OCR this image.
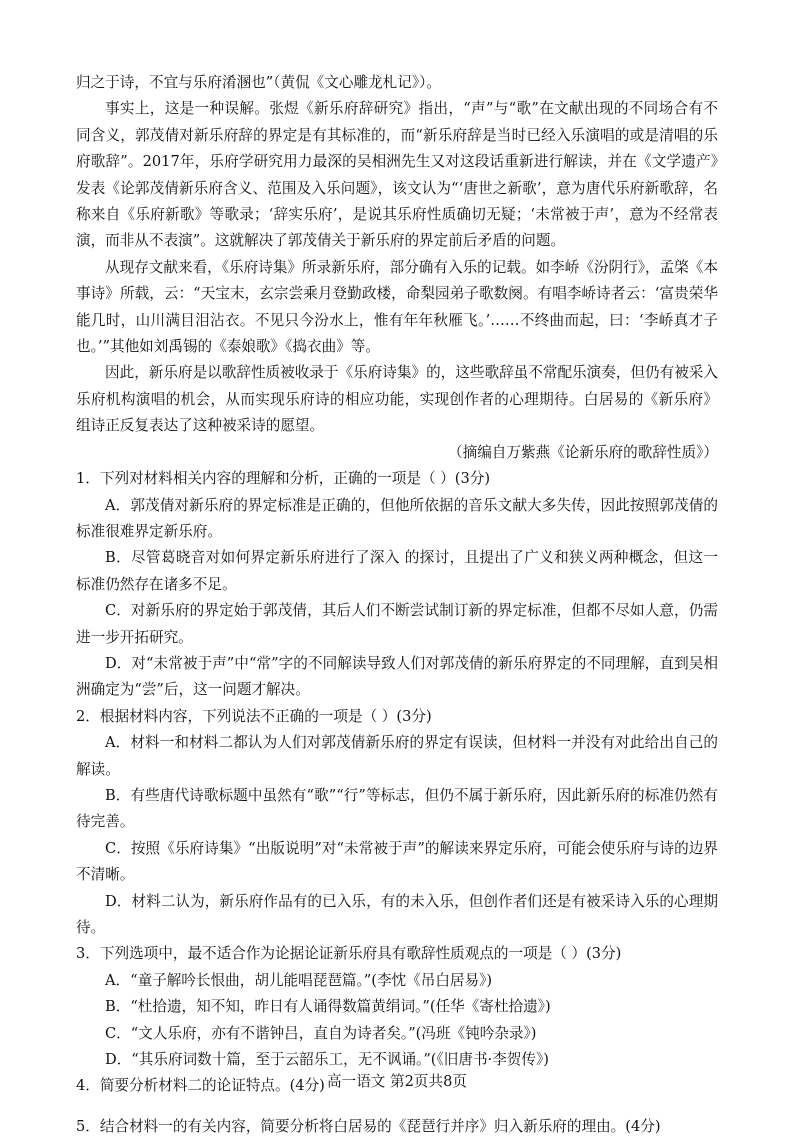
归之于诗，不宜与乐府淆溷也”（黄侃《文心雕龙札记》）。

事实上，这是一种误解。张煜《新乐府辞研究》指出，“声”与“歌”在文献出现的不同场合有不同含义，郭茂倩对新乐府辞的界定是有其标准的，而“新乐府辞是当时已经入乐演唱的或是清唱的乐府歌辞”。2017年，乐府学研究用力最深的吴相洲先生又对这段话重新进行解读，并在《文学遗产》发表《论郭茂倩新乐府含义、范围及入乐问题》，该文认为“‘唐世之新歌’，意为唐代乐府新歌辞，名称来自《乐府新歌》等歌录；‘辞实乐府’，是说其乐府性质确切无疑；‘未常被于声’，意为不经常表演，而非从不表演”。这就解决了郭茂倩关于新乐府的界定前后矛盾的问题。

从现存文献来看，《乐府诗集》所录新乐府，部分确有入乐的记载。如李峤《汾阴行》，孟棨《本事诗》所载，云：“天宝末，玄宗尝乘月登勤政楼，命梨园弟子歌数阕。有唱李峤诗者云：‘富贵荣华能几时，山川满目泪沾衣。不见只今汾水上，惟有年年秋雁飞。’……不终曲而起，曰：‘李峤真才子也。’”其他如刘禹锡的《泰娘歌》《捣衣曲》等。

因此，新乐府是以歌辞性质被收录于《乐府诗集》的，这些歌辞虽不常配乐演奏，但仍有被采入乐府机构演唱的机会，从而实现乐府诗的相应功能，实现创作者的心理期待。白居易的《新乐府》组诗正反复表达了这种被采诗的愿望。

（摘编自万紫燕《论新乐府的歌辞性质》）

1．下列对材料相关内容的理解和分析，正确的一项是（ ）(3分)

A．郭茂倩对新乐府的界定标准是正确的，但他所依据的音乐文献大多失传，因此按照郭茂倩的标准很难界定新乐府。

B．尽管葛晓音对如何界定新乐府进行了深入 的探讨，且提出了广义和狭义两种概念，但这一标准仍然存在诸多不足。

C．对新乐府的界定始于郭茂倩，其后人们不断尝试制订新的界定标准，但都不尽如人意，仍需进一步开拓研究。

D．对“未常被于声”中“常”字的不同解读导致人们对郭茂倩的新乐府界定的不同理解，直到吴相洲确定为“尝”后，这一问题才解决。

2．根据材料内容，下列说法不正确的一项是（ ）(3分)

A．材料一和材料二都认为人们对郭茂倩新乐府的界定有误读，但材料一并没有对此给出自己的解读。

B．有些唐代诗歌标题中虽然有“歌”“行”等标志，但仍不属于新乐府，因此新乐府的标准仍然有待完善。

C．按照《乐府诗集》“出版说明”对“未常被于声”的解读来界定乐府，可能会使乐府与诗的边界不清晰。

D．材料二认为，新乐府作品有的已入乐，有的未入乐，但创作者们还是有被采诗入乐的心理期待。

3．下列选项中，最不适合作为论据论证新乐府具有歌辞性质观点的一项是（ ）(3分)

A．“童子解吟长恨曲，胡儿能唱琵琶篇。”(李忱《吊白居易》)

B．“杜拾遗，知不知，昨日有人诵得数篇黄绢词。”(任华《寄杜拾遗》)

C．“文人乐府，亦有不谐钟吕，直自为诗者矣。”(冯班《钝吟杂录》)

D．“其乐府词数十篇，至于云韶乐工，无不讽诵。”(《旧唐书·李贺传》)

4．简要分析材料二的论证特点。(4分)

5．结合材料一的有关内容，简要分析将白居易的《琵琶行并序》归入新乐府的理由。(4分)

高一语文 第2页共8页
